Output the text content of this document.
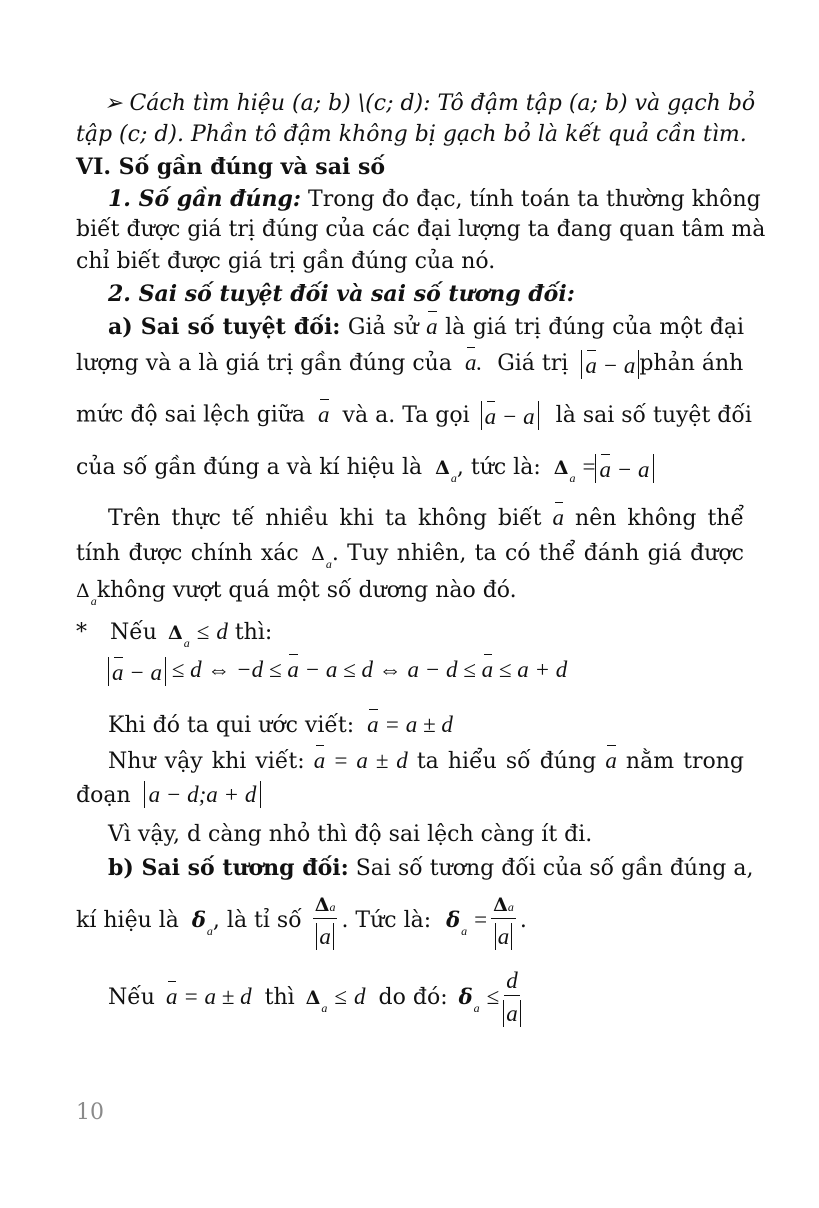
➢ Cách tìm hiệu (a; b) \(c; d): Tô đậm tập (a; b) và gạch bỏ
tập (c; d). Phần tô đậm không bị gạch bỏ là kết quả cần tìm.
VI. Số gần đúng và sai số
1. Số gần đúng: Trong đo đạc, tính toán ta thường không
biết được giá trị đúng của các đại lượng ta đang quan tâm mà
chỉ biết được giá trị gần đúng của nó.
2. Sai số tuyệt đối và sai số tương đối:
a) Sai số tuyệt đối: Giả sử a là giá trị đúng của một đại
lượng và a là giá trị gần đúng của a. Giá trị a − a phản ánh
mức độ sai lệch giữa a và a. Ta gọi a − a là sai số tuyệt đối
của số gần đúng a và kí hiệu là $\Delta_a$, tức là: $\Delta_a = a - a$
Trên thực tế nhiều khi ta không biết a nên không thể
tính được chính xác $\Delta_a$. Tuy nhiên, ta có thể đánh giá được
$\Delta_akhông$ vượt quá một số dương nào đó.
* Nếu $\Delta_a \le d$ thì:
a − a ≤ d ⇔ −d ≤ a − a ≤ d ⇔ a − d ≤ a ≤ a + d
Khi đó ta qui ước viết: a = a ± d
Như vậy khi viết: a = a ± d ta hiểu số đúng a nằm trong
đoạn a − d;a + d
Vì vậy, d càng nhỏ thì độ sai lệch càng ít đi.
b) Sai số tương đối: Sai số tương đối của số gần đúng a,
kí hiệu là $\delta_a$, là tỉ số $\frac{\Delta a}{a}$ . Tức là: $\delta_a = \frac{\Delta a}{a}$ .
Nếu a = a ± d thì $\Delta_a \le d$ do đó: $\delta_a \le \frac{d}{a}$
10
